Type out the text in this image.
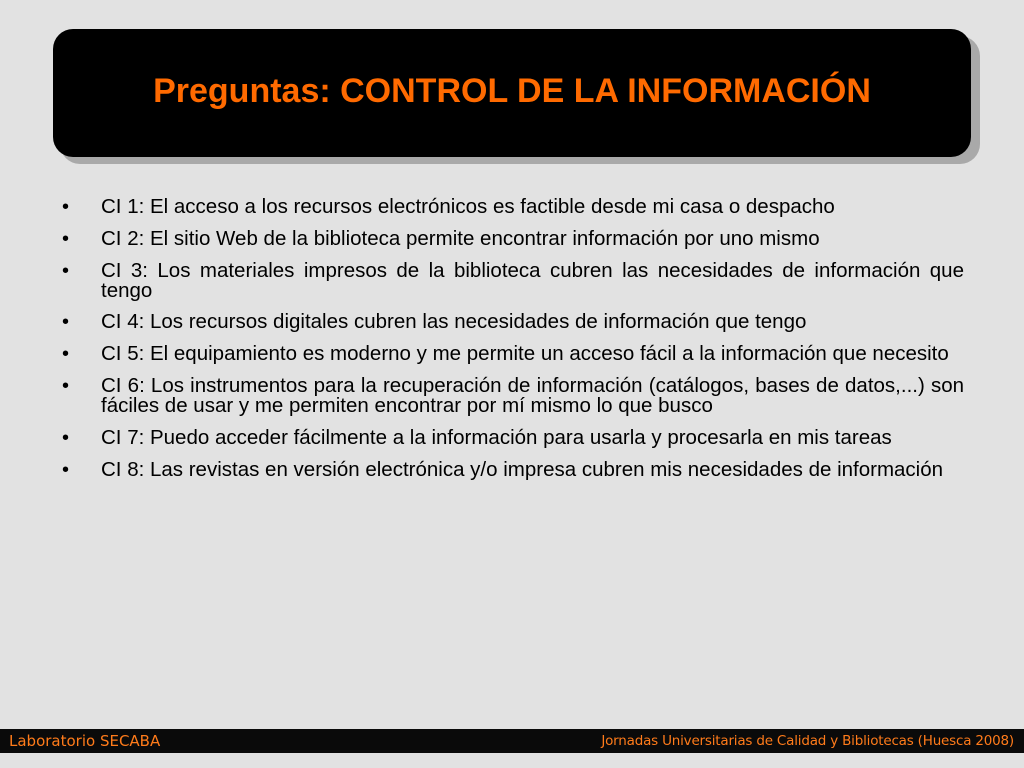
Preguntas: CONTROL DE LA INFORMACIÓN
•	CI 1: El acceso a los recursos electrónicos es factible desde mi casa o despacho
•	CI 2: El sitio Web de la biblioteca permite encontrar información por uno mismo
•	CI 3: Los materiales impresos de la biblioteca cubren las necesidades de información que tengo
•	CI 4: Los recursos digitales cubren las necesidades de información que tengo
•	CI 5: El equipamiento es moderno y me permite un acceso fácil a la información que necesito
•	CI 6: Los instrumentos para la recuperación de información (catálogos, bases de datos,...) son fáciles de usar y me permiten encontrar por mí mismo lo que busco
•	CI 7: Puedo acceder fácilmente a la información para usarla y procesarla en mis tareas
•	CI 8: Las revistas en versión electrónica y/o impresa cubren mis necesidades de información
Laboratorio SECABA	Jornadas Universitarias de Calidad y Bibliotecas (Huesca 2008)
